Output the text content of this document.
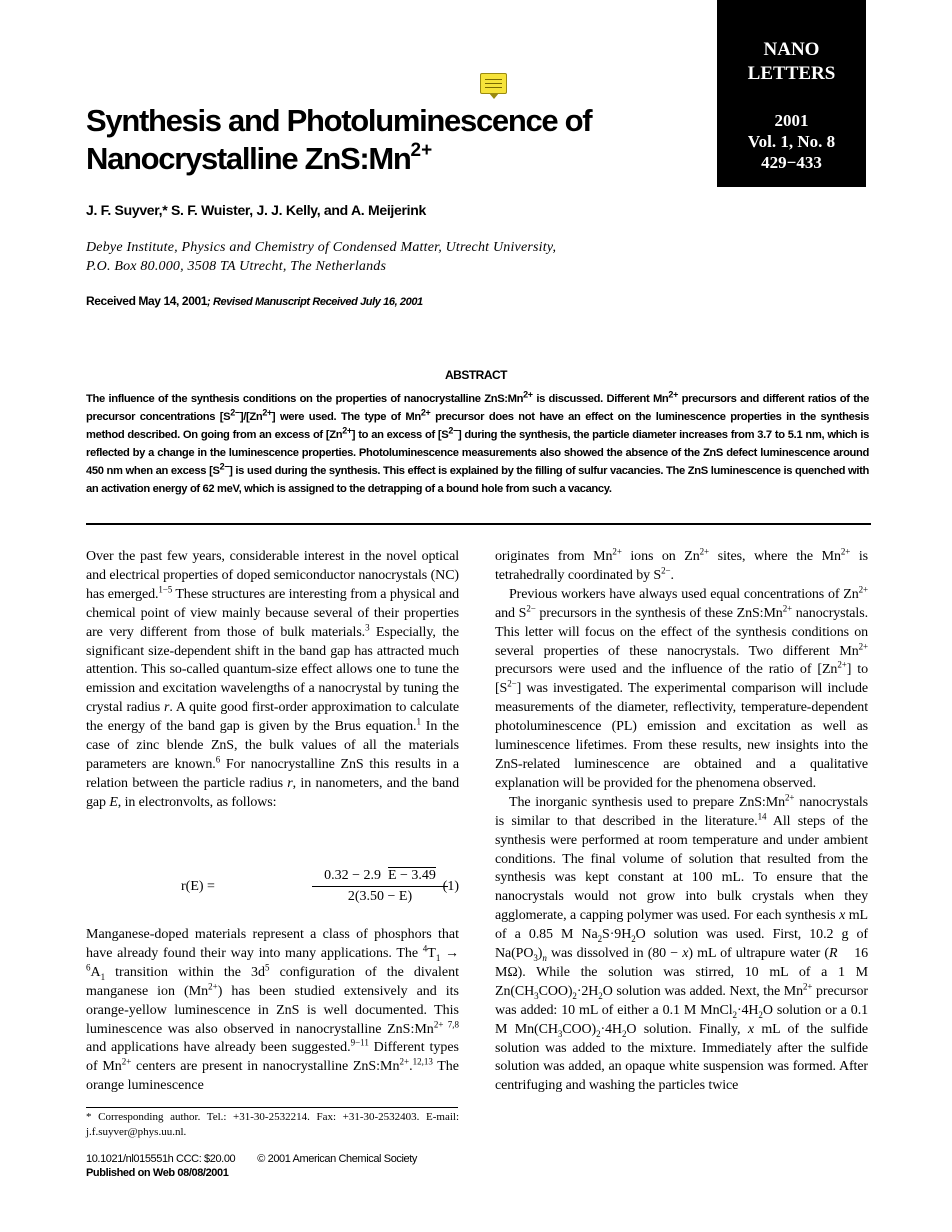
NANO
LETTERS
2001
Vol. 1, No. 8
429−433
Synthesis and Photoluminescence of
Nanocrystalline $ZnS:Mn^{2+}$
J. F. Suyver,* S. F. Wuister, J. J. Kelly, and A. Meijerink
Debye Institute, Physics and Chemistry of Condensed Matter, Utrecht University,
P.O. Box 80.000, 3508 TA Utrecht, The Netherlands
Received May 14, 2001; Revised Manuscript Received July 16, 2001
ABSTRACT
The influence of the synthesis conditions on the properties of nanocrystalline $ZnS:Mn^{2+}$ is discussed. Different $Mn^{2+}$ precursors and different ratios of the precursor concentrations $[S^{2-}]/[Zn^{2+}]$ were used. The type of $Mn^{2+}$ precursor does not have an effect on the luminescence properties in the synthesis method described. On going from an excess of $[Zn^{2+}]$ to an excess of $[S^{2-}]$ during the synthesis, the particle diameter increases from 3.7 to 5.1 nm, which is reflected by a change in the luminescence properties. Photoluminescence measurements also showed the absence of the ZnS defect luminescence around 450 nm when an excess $[S^{2-}]$ is used during the synthesis. This effect is explained by the filling of sulfur vacancies. The ZnS luminescence is quenched with an activation energy of 62 meV, which is assigned to the detrapping of a bound hole from such a vacancy.

Over the past few years, considerable interest in the novel optical and electrical properties of doped semiconductor nanocrystals (NC) has emerged.$^{1-5}$ These structures are interesting from a physical and chemical point of view mainly because several of their properties are very different from those of bulk materials.$^3$ Especially, the significant size-dependent shift in the band gap has attracted much attention. This so-called quantum-size effect allows one to tune the emission and excitation wavelengths of a nanocrystal by tuning the crystal radius r. A quite good first-order approximation to calculate the energy of the band gap is given by the Brus equation.$^1$ In the case of zinc blende ZnS, the bulk values of all the materials parameters are known.$^6$ For nanocrystalline ZnS this results in a relation between the particle radius r, in nanometers, and the band gap E, in electronvolts, as follows:

r(E) =
0.32 − 2.9 E − 3.49
2(3.50 − E)
(1)
Manganese-doped materials represent a class of phosphors that have already found their way into many applications. The $^4T_1 \to ^6A_1$ transition within the $3d^5$ configuration of the divalent manganese ion $(Mn^{2+})$ has been studied extensively and its orange-yellow luminescence in ZnS is well documented. This luminescence was also observed in nanocrystalline $ZnS:Mn^{2+ 7,8}$ and applications have already been suggested.$^{9-11}$ Different types of $Mn^{2+}$ centers are present in nanocrystalline $ZnS:Mn^{2+}.^{12,13}$ The orange luminescence
* Corresponding author. Tel.: +31-30-2532214. Fax: +31-30-2532403. E-mail: j.f.suyver@phys.uu.nl.

originates from $Mn^{2+}$ ions on $Zn^{2+}$ sites, where the $Mn^{2+}$ is tetrahedrally coordinated by $S^{2-}$.

Previous workers have always used equal concentrations of $Zn^{2+}$ and $S^{2-}$ precursors in the synthesis of these $ZnS:Mn^{2+}$ nanocrystals. This letter will focus on the effect of the synthesis conditions on several properties of these nanocrystals. Two different $Mn^{2+}$ precursors were used and the influence of the ratio of $[Zn^{2+}]$ to $[S^{2-}]$ was investigated. The experimental comparison will include measurements of the diameter, reflectivity, temperature-dependent photoluminescence (PL) emission and excitation as well as luminescence lifetimes. From these results, new insights into the ZnS-related luminescence are obtained and a qualitative explanation will be provided for the phenomena observed.

The inorganic synthesis used to prepare $ZnS:Mn^{2+}$ nanocrystals is similar to that described in the literature.$^{14}$ All steps of the synthesis were performed at room temperature and under ambient conditions. The final volume of solution that resulted from the synthesis was kept constant at 100 mL. To ensure that the nanocrystals would not grow into bulk crystals when they agglomerate, a capping polymer was used. For each synthesis x mL of a 0.85 M $Na_2S\cdot 9H_2O$ solution was used. First, 10.2 g of $Na(PO_3)_n$ was dissolved in (80 − x) mL of ultrapure water (R    16 MΩ). While the solution was stirred, 10 mL of a 1 M $Zn(CH_3COO)_2\cdot 2H_2O$ solution was added. Next, the $Mn^{2+}$ precursor was added: 10 mL of either a 0.1 M $MnCl_2\cdot 4H_2O$ solution or a 0.1 M $Mn(CH_3COO)_2\cdot 4H_2O$ solution. Finally, x mL of the sulfide solution was added to the mixture. Immediately after the sulfide solution was added, an opaque white suspension was formed. After centrifuging and washing the particles twice

10.1021/nl015551h CCC: $20.00 © 2001 American Chemical Society
Published on Web 08/08/2001
